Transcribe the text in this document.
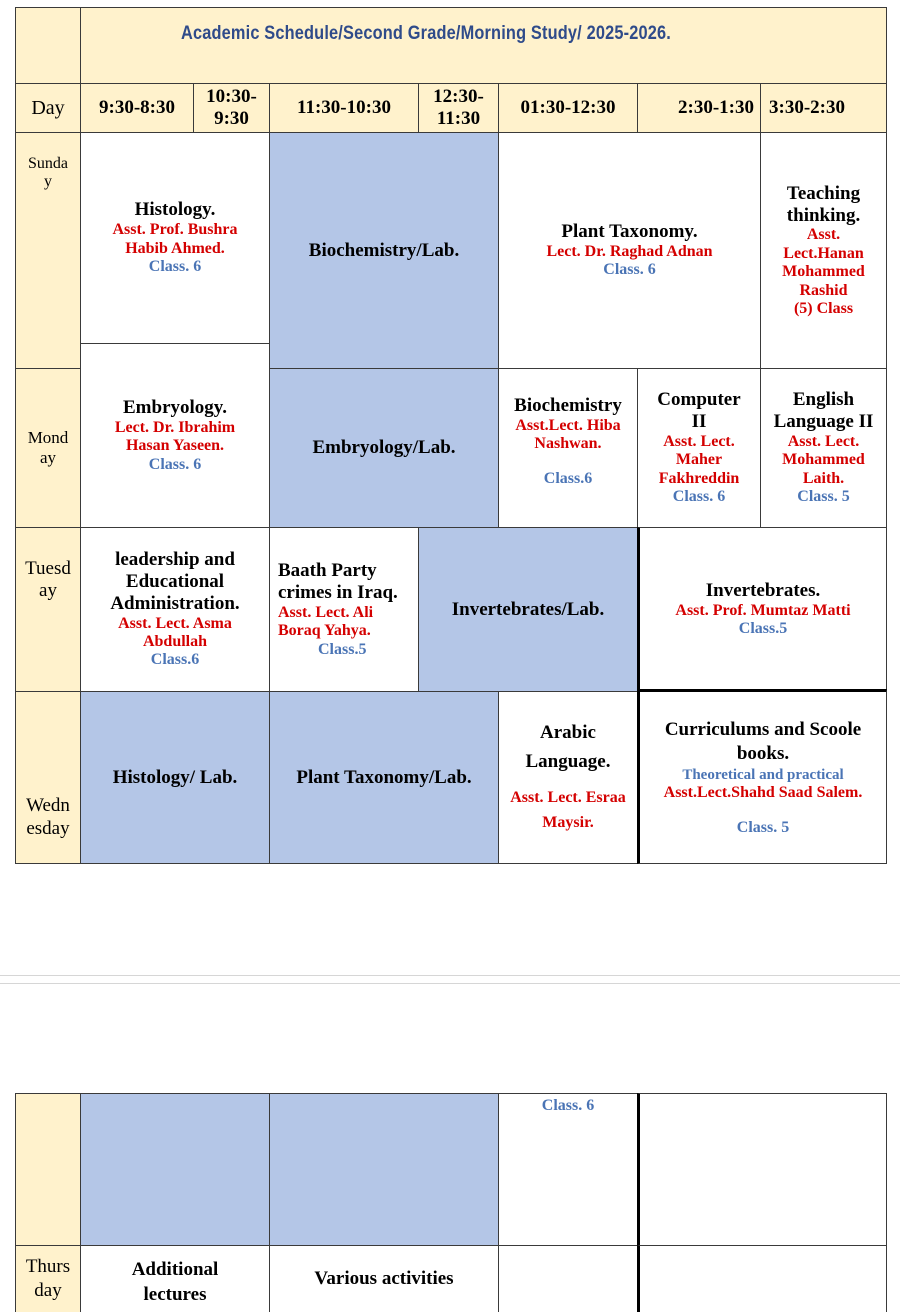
Academic Schedule/Second Grade/Morning Study/ 2025-2026.
Day 9:30-8:30
10:30-9:30
11:30-10:30
12:30-11:30
01:30-12:30	2:30-1:30 3:30-2:30
Sunday
Histology.
Asst. Prof. Bushra Habib Ahmed.
Class. 6
Biochemistry/Lab.
Plant Taxonomy.
Lect. Dr. Raghad Adnan
Class. 6
Teaching thinking.
Asst. Lect.Hanan Mohammed Rashid
(5) Class
Monday
Embryology.
Lect. Dr. Ibrahim Hasan Yaseen.
Class. 6
Embryology/Lab.
Biochemistry
Asst.Lect. Hiba Nashwan.
Class.6
Computer II
Asst. Lect. Maher Fakhreddin
Class. 6
English Language II
Asst. Lect. Mohammed Laith.
Class. 5
Tuesday
leadership and Educational Administration.
Asst. Lect. Asma Abdullah
Class.6
Baath Party crimes in Iraq.
Asst. Lect. Ali Boraq Yahya.
Class.5
Invertebrates/Lab.
Invertebrates.
Asst. Prof. Mumtaz Matti
Class.5
Wednesday
Histology/ Lab.	Plant Taxonomy/Lab.
Arabic Language.
Asst. Lect. Esraa Maysir.
Curriculums and Scoole books.
Theoretical and practical
Asst.Lect.Shahd Saad Salem.
Class. 5
Class. 6
Thursday
Additional lectures
Various activities
